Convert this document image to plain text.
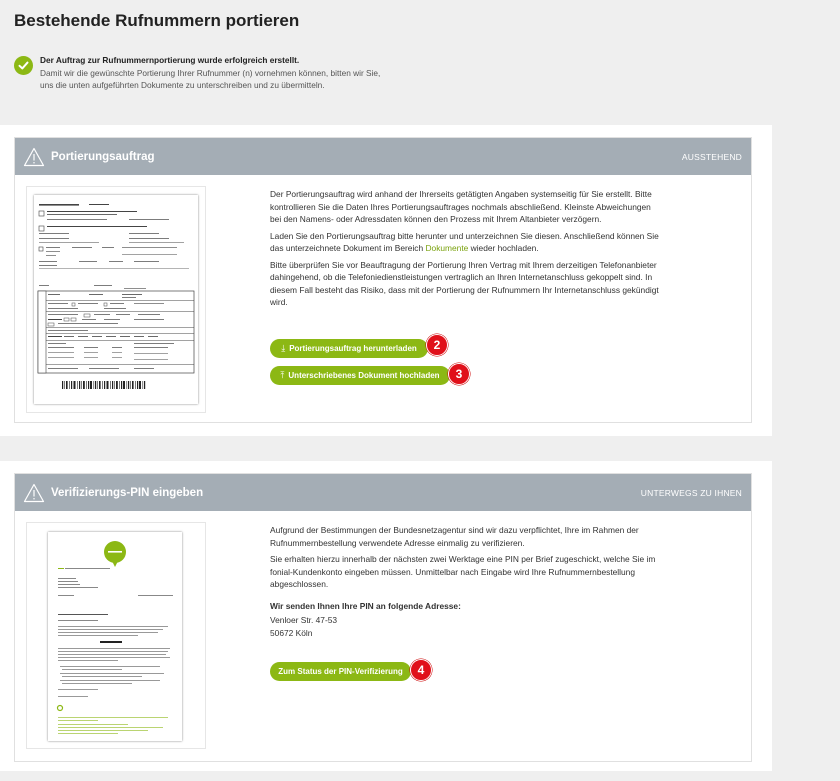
Bestehende Rufnummern portieren
Der Auftrag zur Rufnummernportierung wurde erfolgreich erstellt.
Damit wir die gewünschte Portierung Ihrer Rufnummer (n) vornehmen können, bitten wir Sie,
uns die unten aufgeführten Dokumente zu unterschreiben und zu übermitteln.
Portierungsauftrag	AUSSTEHEND

Der Portierungsauftrag wird anhand der Ihrerseits getätigten Angaben systemseitig für Sie erstellt. Bitte kontrollieren Sie die Daten Ihres Portierungsauftrages nochmals abschließend. Kleinste Abweichungen bei den Namens- oder Adressdaten können den Prozess mit Ihrem Altanbieter verzögern.

Laden Sie den Portierungsauftrag bitte herunter und unterzeichnen Sie diesen. Anschließend können Sie das unterzeichnete Dokument im Bereich Dokumente wieder hochladen.

Bitte überprüfen Sie vor Beauftragung der Portierung Ihren Vertrag mit Ihrem derzeitigen Telefonanbieter dahingehend, ob die Telefoniedienstleistungen vertraglich an Ihren Internetanschluss gekoppelt sind. In diesem Fall besteht das Risiko, dass mit der Portierung der Rufnummern Ihr Internetanschluss gekündigt wird.

⤓ Portierungsauftrag herunterladen	2
⤒ Unterschriebenes Dokument hochladen	3
Verifizierungs-PIN eingeben	UNTERWEGS ZU IHNEN

Aufgrund der Bestimmungen der Bundesnetzagentur sind wir dazu verpflichtet, Ihre im Rahmen der Rufnummernbestellung verwendete Adresse einmalig zu verifizieren.

Sie erhalten hierzu innerhalb der nächsten zwei Werktage eine PIN per Brief zugeschickt, welche Sie im fonial-Kundenkonto eingeben müssen. Unmittelbar nach Eingabe wird Ihre Rufnummernbestellung abgeschlossen.

Wir senden Ihnen Ihre PIN an folgende Adresse:

Venloer Str. 47-53
50672 Köln
Zum Status der PIN-Verifizierung	4
